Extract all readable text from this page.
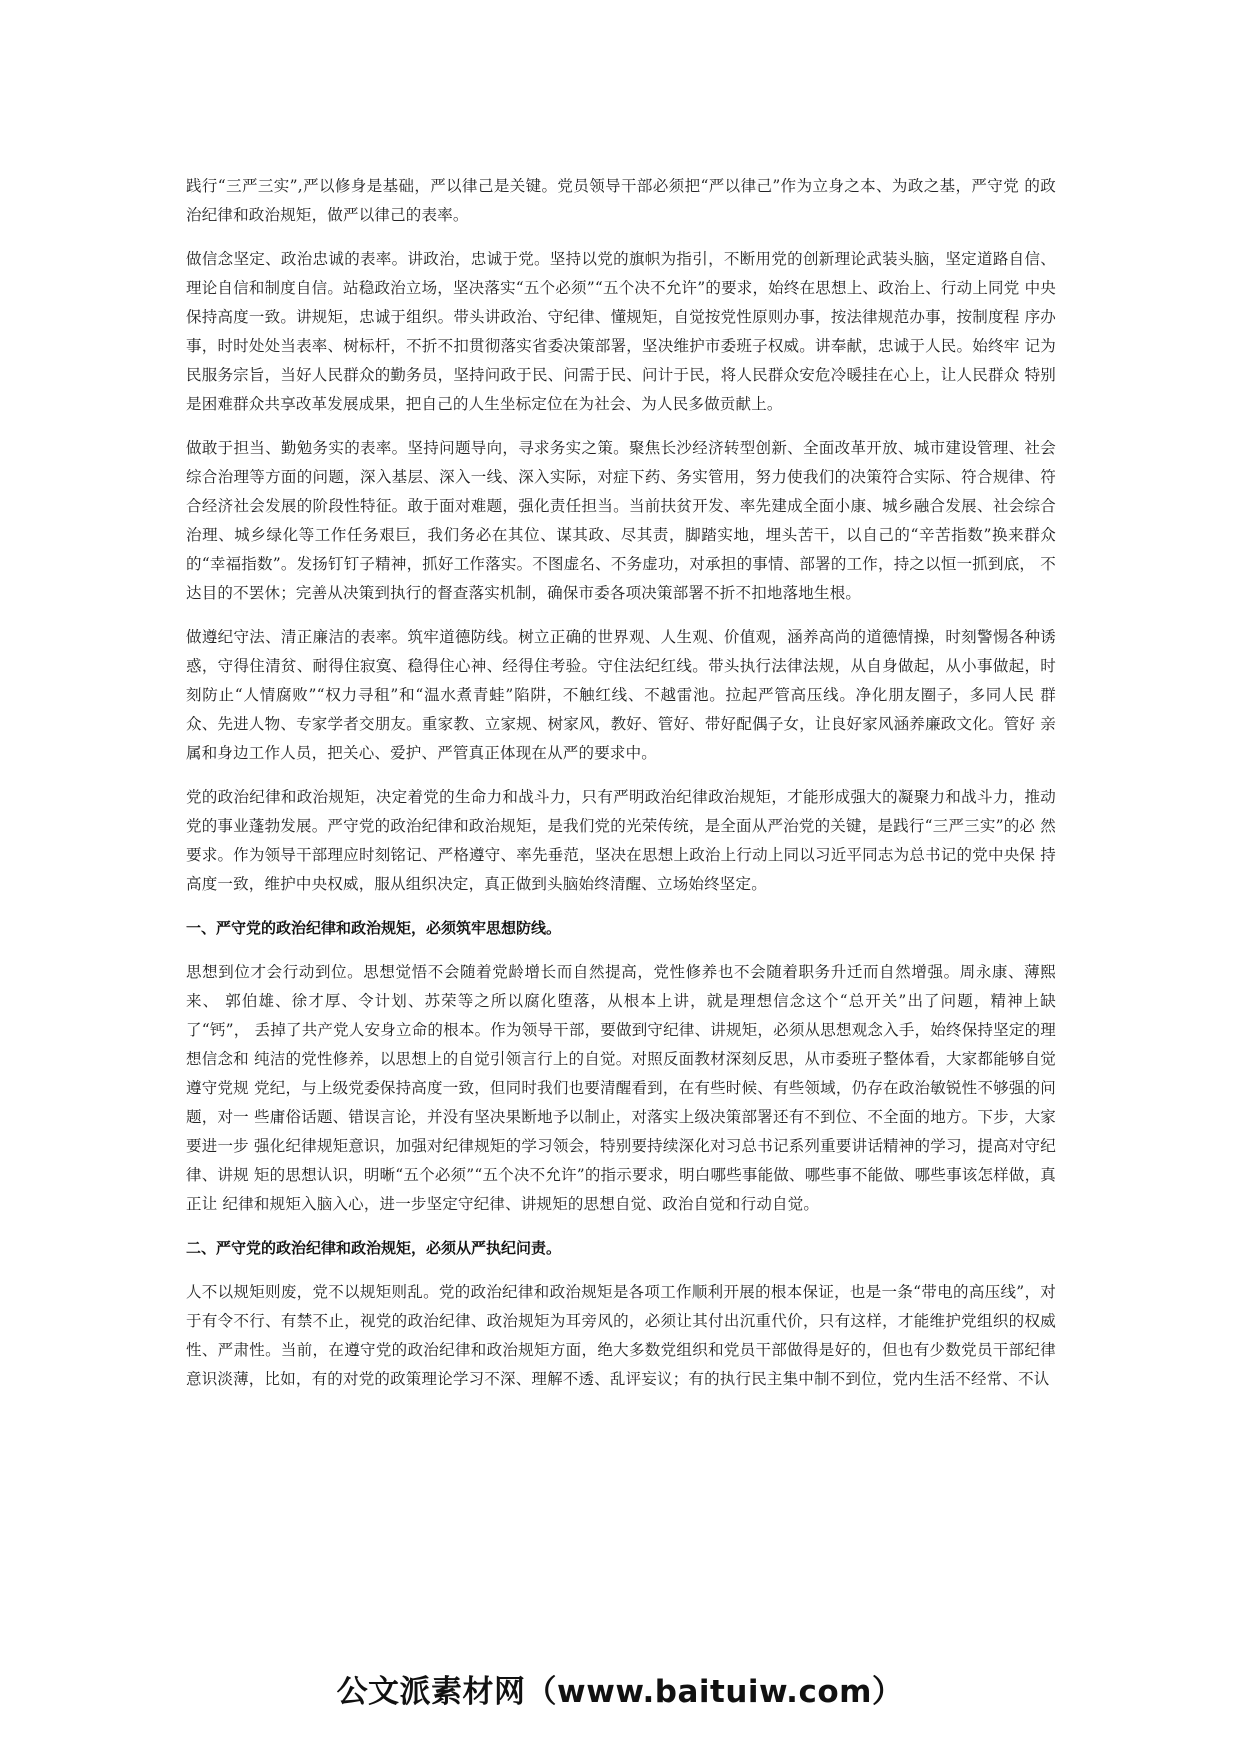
践行“三严三实”,严以修身是基础，严以律己是关键。党员领导干部必须把“严以律己”作为立身之本、为政之基，严守党 的政治纪律和政治规矩，做严以律己的表率。

做信念坚定、政治忠诚的表率。讲政治，忠诚于党。坚持以党的旗帜为指引，不断用党的创新理论武装头脑，坚定道路自信、 理论自信和制度自信。站稳政治立场，坚决落实“五个必须”“五个决不允许”的要求，始终在思想上、政治上、行动上同党 中央保持高度一致。讲规矩，忠诚于组织。带头讲政治、守纪律、懂规矩，自觉按党性原则办事，按法律规范办事，按制度程 序办事，时时处处当表率、树标杆，不折不扣贯彻落实省委决策部署，坚决维护市委班子权威。讲奉献，忠诚于人民。始终牢 记为民服务宗旨，当好人民群众的勤务员，坚持问政于民、问需于民、问计于民，将人民群众安危冷暖挂在心上，让人民群众 特别是困难群众共享改革发展成果，把自己的人生坐标定位在为社会、为人民多做贡献上。

做敢于担当、勤勉务实的表率。坚持问题导向，寻求务实之策。聚焦长沙经济转型创新、全面改革开放、城市建设管理、社会综合治理等方面的问题，深入基层、深入一线、深入实际，对症下药、务实管用，努力使我们的决策符合实际、符合规律、符 合经济社会发展的阶段性特征。敢于面对难题，强化责任担当。当前扶贫开发、率先建成全面小康、城乡融合发展、社会综合 治理、城乡绿化等工作任务艰巨，我们务必在其位、谋其政、尽其责，脚踏实地，埋头苦干，以自己的“辛苦指数”换来群众 的“幸福指数”。发扬钉钉子精神，抓好工作落实。不图虚名、不务虚功，对承担的事情、部署的工作，持之以恒一抓到底， 不达目的不罢休；完善从决策到执行的督查落实机制，确保市委各项决策部署不折不扣地落地生根。

做遵纪守法、清正廉洁的表率。筑牢道德防线。树立正确的世界观、人生观、价值观，涵养高尚的道德情操，时刻警惕各种诱 惑，守得住清贫、耐得住寂寞、稳得住心神、经得住考验。守住法纪红线。带头执行法律法规，从自身做起，从小事做起，时 刻防止“人情腐败”“权力寻租”和“温水煮青蛙”陷阱，不触红线、不越雷池。拉起严管高压线。净化朋友圈子，多同人民 群众、先进人物、专家学者交朋友。重家教、立家规、树家风，教好、管好、带好配偶子女，让良好家风涵养廉政文化。管好 亲属和身边工作人员，把关心、爱护、严管真正体现在从严的要求中。

党的政治纪律和政治规矩，决定着党的生命力和战斗力，只有严明政治纪律政治规矩，才能形成强大的凝聚力和战斗力，推动 党的事业蓬勃发展。严守党的政治纪律和政治规矩，是我们党的光荣传统，是全面从严治党的关键，是践行“三严三实”的必 然要求。作为领导干部理应时刻铭记、严格遵守、率先垂范，坚决在思想上政治上行动上同以习近平同志为总书记的党中央保 持高度一致，维护中央权威，服从组织决定，真正做到头脑始终清醒、立场始终坚定。

一、严守党的政治纪律和政治规矩，必须筑牢思想防线。

思想到位才会行动到位。思想觉悟不会随着党龄增长而自然提高，党性修养也不会随着职务升迁而自然增强。周永康、薄熙来、 郭伯雄、徐才厚、令计划、苏荣等之所以腐化堕落，从根本上讲，就是理想信念这个“总开关”出了问题，精神上缺了“钙”， 丢掉了共产党人安身立命的根本。作为领导干部，要做到守纪律、讲规矩，必须从思想观念入手，始终保持坚定的理想信念和 纯洁的党性修养，以思想上的自觉引领言行上的自觉。对照反面教材深刻反思，从市委班子整体看，大家都能够自觉遵守党规 党纪，与上级党委保持高度一致，但同时我们也要清醒看到，在有些时候、有些领域，仍存在政治敏锐性不够强的问题，对一 些庸俗话题、错误言论，并没有坚决果断地予以制止，对落实上级决策部署还有不到位、不全面的地方。下步，大家要进一步 强化纪律规矩意识，加强对纪律规矩的学习领会，特别要持续深化对习总书记系列重要讲话精神的学习，提高对守纪律、讲规 矩的思想认识，明晰“五个必须”“五个决不允许”的指示要求，明白哪些事能做、哪些事不能做、哪些事该怎样做，真正让 纪律和规矩入脑入心，进一步坚定守纪律、讲规矩的思想自觉、政治自觉和行动自觉。

二、严守党的政治纪律和政治规矩，必须从严执纪问责。

人不以规矩则废，党不以规矩则乱。党的政治纪律和政治规矩是各项工作顺利开展的根本保证，也是一条“带电的高压线”，对于有令不行、有禁不止，视党的政治纪律、政治规矩为耳旁风的，必须让其付出沉重代价，只有这样，才能维护党组织的权威性、严肃性。当前，在遵守党的政治纪律和政治规矩方面，绝大多数党组织和党员干部做得是好的，但也有少数党员干部纪律意识淡薄，比如，有的对党的政策理论学习不深、理解不透、乱评妄议；有的执行民主集中制不到位，党内生活不经常、不认

公文派素材网（www.baituiw.com）
